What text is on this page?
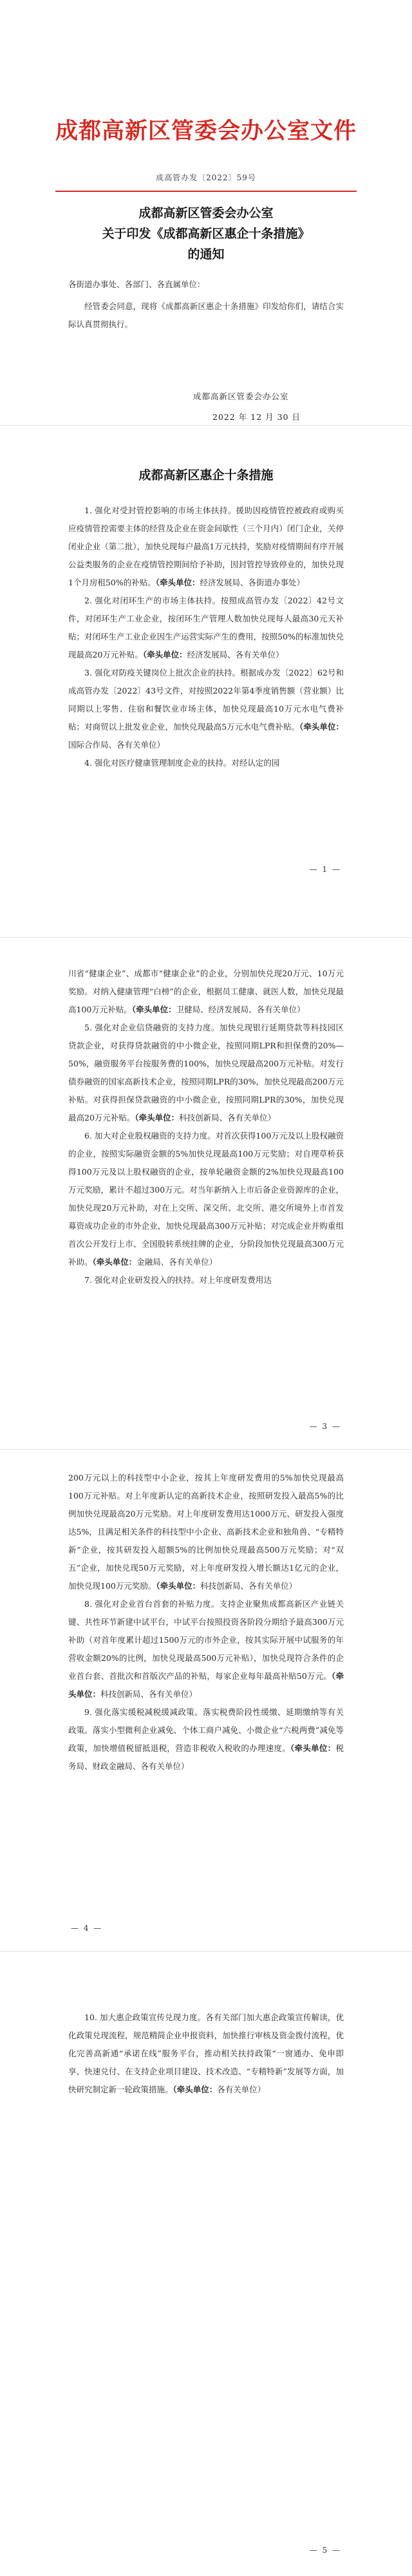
成都高新区管委会办公室文件
成高管办发〔2022〕59号
成都高新区管委会办公室
关于印发《成都高新区惠企十条措施》
的通知
各街道办事处、各部门、各直属单位：
经管委会同意，现将《成都高新区惠企十条措施》印发给你们，请结合实际认真贯彻执行。
成都高新区管委会办公室
2022 年 12 月 30 日
成都高新区惠企十条措施

1. 强化对受封管控影响的市场主体扶持。援助因疫情管控被政府或购买应疫情管控需要主体的经营及企业在资金间歇性（三个月内）闭门企业，关停闭业企业（第二批），加快兑现每户最高1万元扶持，奖励对疫情期间有序开展公益类服务的企业在疫情管控期间给予补助，因封管控导致停业的，加快兑现1个月房租50%的补贴。（牵头单位：经济发展局、各街道办事处）

2. 强化对闭环生产的市场主体扶持。按照成高管办发〔2022〕42号文件，对闭环生产工业企业，按闭环生产管理人数加快兑现每人最高30元天补贴；对闭环生产工业企业因生产运营实际产生的费用，按照50%的标准加快兑现最高20万元补贴。（牵头单位：经济发展局、各有关单位）

3. 强化对防疫关键岗位上批次企业的扶持。根据成办发〔2022〕62号和成高管办发〔2022〕43号文件，对按照2022年第4季度销售额（营业额）比同期以上零售、住宿和餐饮业市场主体，加快兑现最高10万元水电气费补贴；对商贸以上批发业企业，加快兑现最高5万元水电气费补贴。（牵头单位：国际合作局、各有关单位）

4. 强化对医疗健康管理制度企业的扶持。对经认定的园

— 1 —

川省“健康企业”、成都市“健康企业”的企业，分别加快兑现20万元、10万元奖励。对纳入健康管理“白榜”的企业，根据员工健康、就医人数，加快兑现最高100万元补贴。（牵头单位：卫健局、经济发展局、各有关单位）

5. 强化对企业信贷融资的支持力度。加快兑现银行延期贷款等科技园区贷款企业，对获得贷款融资的中小微企业，按照同期LPR和担保费的20%—50%，融资服务平台按服务费的100%，加快兑现最高200万元补贴。对发行债券融资的国家高新技术企业，按照同期LPR的30%，加快兑现最高200万元补贴。对获得担保贷款融资的中小微企业，按照同期LPR的30%，加快兑现最高20万元补贴。（牵头单位：科技创新局、各有关单位）

6. 加大对企业股权融资的支持力度。对首次获得100万元及以上股权融资的企业，按照实际融资金额的5%加快兑现最高100万元奖励；对自理草桥获得100万元及以上股权融资的企业，按单轮融资金额的2%加快兑现最高100万元奖励，累计不超过300万元。对当年新纳入上市后备企业资源库的企业，加快兑现20万元补助，对在上交所、深交所、北交所、港交所境外上市首发募资成功企业的市外企业，加快兑现最高300万元补贴；对完成企业并购重组首次公开发行上市、全国股转系统挂牌的企业，分阶段加快兑现最高300万元补助。（牵头单位：金融局、各有关单位）

7. 强化对企业研发投入的扶持。对上年度研发费用达

— 3 —

200万元以上的科技型中小企业，按其上年度研发费用的5%加快兑现最高100万元补贴。对上年度新认定的高新技术企业，按照研发投入最高5%的比例加快兑现最高20万元奖励。对上年度研发费用达1000万元、研发投入强度达5%，且满足相关条件的科技型中小企业、高新技术企业和独角兽、“专精特新”企业，按其研发投入超额5%的比例加快兑现最高500万元奖励；对“双五”企业，加快兑现50万元奖励，对上年度研发投入增长额达1亿元的企业，加快兑现100万元奖励。（牵头单位：科技创新局、各有关单位）

8. 强化对企业首台首套的补贴力度。支持企业聚焦成都高新区产业链关键、共性环节新建中试平台，中试平台按照投资各阶段分期给予最高300万元补助（对首年度累计超过1500万元的市外企业，按其实际开展中试服务的年营收金额20%的比例，加快兑现最高500万元补贴），加快兑现符合条件的企业首台套、首批次和首版次产品的补贴，每家企业每年最高补贴50万元。（牵头单位：科技创新局、各有关单位）

9. 强化落实缓税减税缓减政策。落实税费阶段性缓缴、延期缴纳等有关政策。落实小型微利企业减免、个体工商户减免、小微企业“六税两费”减免等政策，加快增值税留抵退税，营造非税收入税收的办理速度。（牵头单位：税务局、财政金融局、各有关单位）

— 4 —

10. 加大惠企政策宣传兑现力度。各有关部门加大惠企政策宣传解读，优化政策兑现流程，规范精简企业申报资料，加快推行审核及资金拨付流程，优化完善高新通“承诺在线”服务平台，推动相关扶持政策“一窗通办、免申即享、快速兑付、在支持企业项目建设、技术改造、“专精特新”发展等方面，加快研究制定新一轮政策措施。（牵头单位：各有关单位）

— 5 —
